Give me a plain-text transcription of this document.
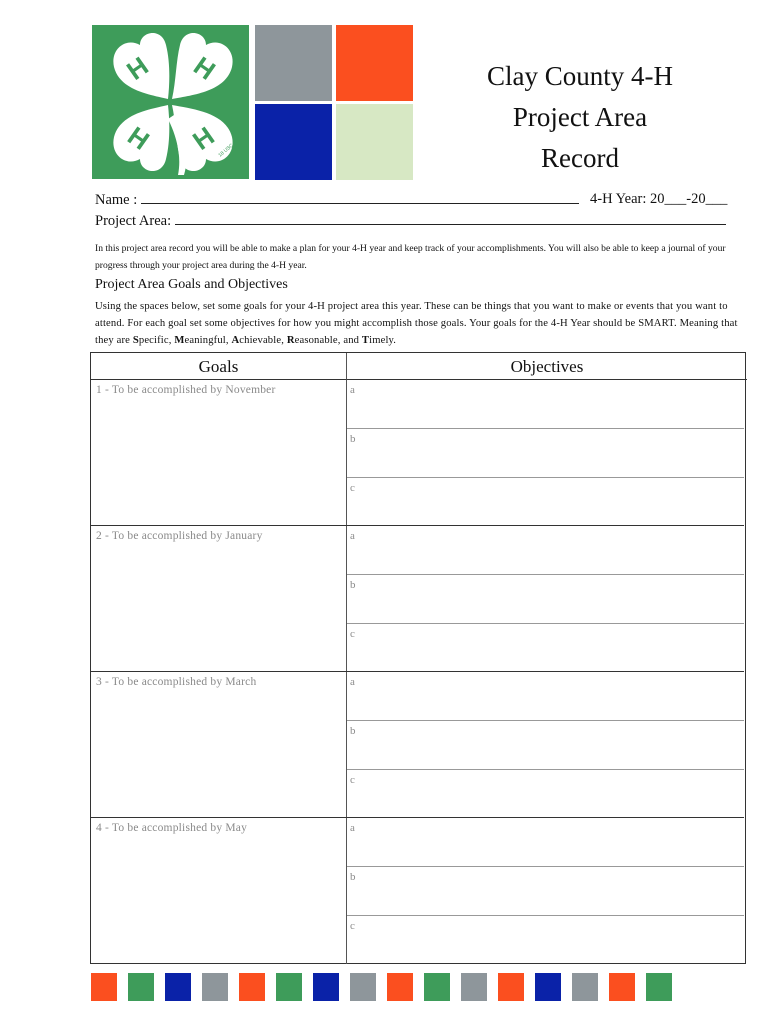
H H
H H
18 USC 707
Clay County 4-H
Project Area
Record
Name :	4-H Year: 20___-20___
Project Area:
In this project area record you will be able to make a plan for your 4-H year and keep track of your accomplishments. You will also be able to keep a journal of your progress through your project area during the 4-H year.
Project Area Goals and Objectives
Using the spaces below, set some goals for your 4-H project area this year. These can be things that you want to make or events that you want to attend. For each goal set some objectives for how you might accomplish those goals. Your goals for the 4-H Year should be SMART. Meaning that they are Specific, Meaningful, Achievable, Reasonable, and Timely.
Goals	Objectives
1 - To be accomplished by November	a
b
c
2 - To be accomplished by January	a
b
c
3 - To be accomplished by March	a
b
c
4 - To be accomplished by May	a
b
c
